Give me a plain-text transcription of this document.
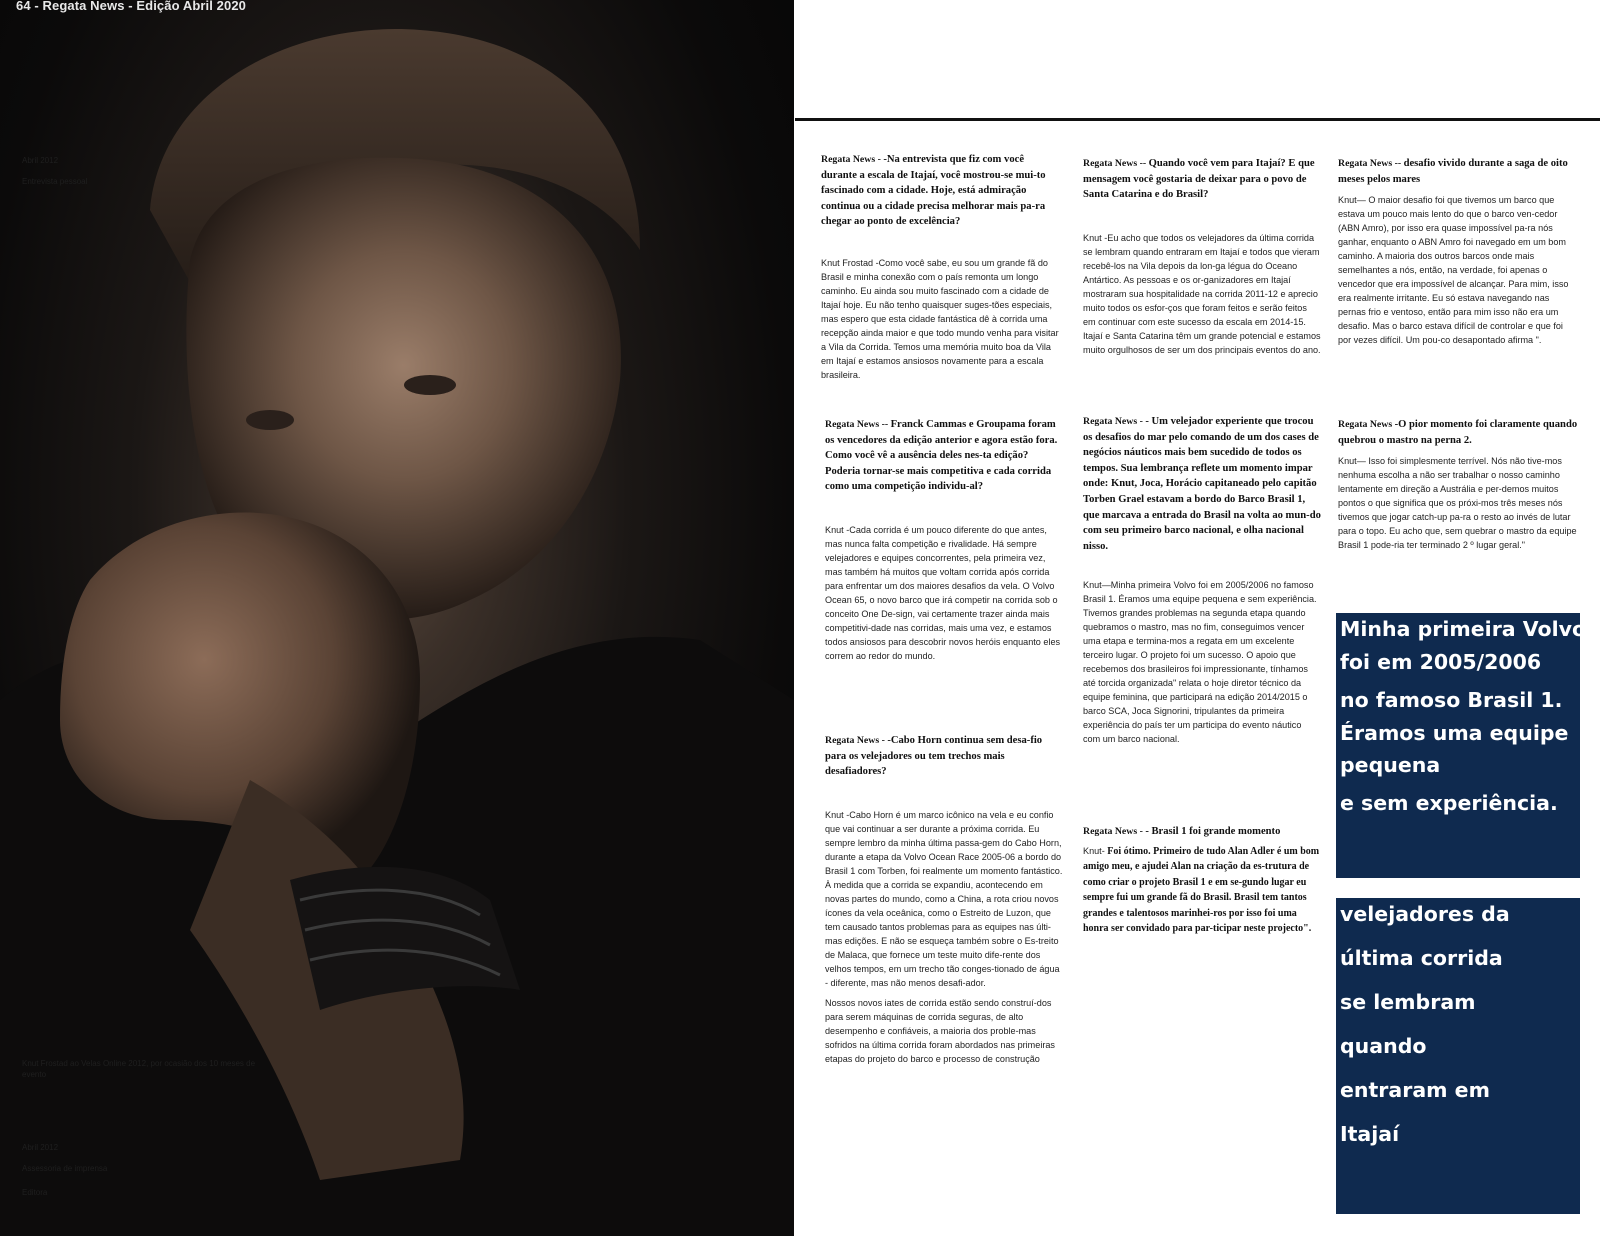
Abril 2012
Entrevista pessoal
Knut Frostad ao Velas Online 2012, por ocasião dos 10 meses de
evento
Abril 2012
Assessoria de imprensa
Editora
64 - Regata News - Edição Abril 2020

Regata News - -Na entrevista que fiz com você durante a escala de Itajaí, você mostrou-se mui-to fascinado com a cidade. Hoje, está admiração continua ou a cidade precisa melhorar mais pa-ra chegar ao ponto de excelência?

Knut Frostad -Como você sabe, eu sou um grande fã do Brasil e minha conexão com o país remonta um longo caminho. Eu ainda sou muito fascinado com a cidade de Itajaí hoje. Eu não tenho quaisquer suges-tões especiais, mas espero que esta cidade fantástica dê à corrida uma recepção ainda maior e que todo mundo venha para visitar a Vila da Corrida. Temos uma memória muito boa da Vila em Itajaí e estamos ansiosos novamente para a escala brasileira.

Regata News -- Franck Cammas e Groupama foram os vencedores da edição anterior e agora estão fora. Como você vê a ausência deles nes-ta edição? Poderia tornar-se mais competitiva e cada corrida como uma competição individu-al?

Knut -Cada corrida é um pouco diferente do que antes, mas nunca falta competição e rivalidade. Há sempre velejadores e equipes concorrentes, pela primeira vez, mas também há muitos que voltam corrida após corrida para enfrentar um dos maiores desafios da vela. O Volvo Ocean 65, o novo barco que irá competir na corrida sob o conceito One De-sign, vai certamente trazer ainda mais competitivi-dade nas corridas, mais uma vez, e estamos todos ansiosos para descobrir novos heróis enquanto eles correm ao redor do mundo.

Regata News - -Cabo Horn continua sem desa-fio para os velejadores ou tem trechos mais desafiadores?

Knut -Cabo Horn é um marco icônico na vela e eu confio que vai continuar a ser durante a próxima corrida. Eu sempre lembro da minha última passa-gem do Cabo Horn, durante a etapa da Volvo Ocean Race 2005-06 a bordo do Brasil 1 com Torben, foi realmente um momento fantástico. À medida que a corrida se expandiu, acontecendo em novas partes do mundo, como a China, a rota criou novos ícones da vela oceânica, como o Estreito de Luzon, que tem causado tantos problemas para as equipes nas últi-mas edições. E não se esqueça também sobre o Es-treito de Malaca, que fornece um teste muito dife-rente dos velhos tempos, em um trecho tão conges-tionado de água - diferente, mas não menos desafi-ador.

Nossos novos iates de corrida estão sendo construí-dos para serem máquinas de corrida seguras, de alto desempenho e confiáveis, a maioria dos proble-mas sofridos na última corrida foram abordados nas primeiras etapas do projeto do barco e processo de construção

Regata News -- Quando você vem para Itajaí? E que mensagem você gostaria de deixar para o povo de Santa Catarina e do Brasil?

Knut -Eu acho que todos os velejadores da última corrida se lembram quando entraram em Itajaí e todos que vieram recebê-los na Vila depois da lon-ga légua do Oceano Antártico. As pessoas e os or-ganizadores em Itajaí mostraram sua hospitalidade na corrida 2011-12 e aprecio muito todos os esfor-ços que foram feitos e serão feitos em continuar com este sucesso da escala em 2014-15. Itajaí e Santa Catarina têm um grande potencial e estamos muito orgulhosos de ser um dos principais eventos do ano.

Regata News - - Um velejador experiente que trocou os desafios do mar pelo comando de um dos cases de negócios náuticos mais bem sucedido de todos os tempos. Sua lembrança reflete um momento impar onde: Knut, Joca, Horácio capitaneado pelo capitão Torben Grael estavam a bordo do Barco Brasil 1, que marcava a entrada do Brasil na volta ao mun-do com seu primeiro barco nacional, e olha nacional nisso.

Knut—Minha primeira Volvo foi em 2005/2006 no famoso Brasil 1. Éramos uma equipe pequena e sem experiência. Tivemos grandes problemas na segunda etapa quando quebramos o mastro, mas no fim, conseguimos vencer uma etapa e termina-mos a regata em um excelente terceiro lugar. O projeto foi um sucesso. O apoio que recebemos dos brasileiros foi impressionante, tínhamos até torcida organizada" relata o hoje diretor técnico da equipe feminina, que participará na edição 2014/2015 o barco SCA, Joca Signorini, tripulantes da primeira experiência do país ter um participa do evento náutico com um barco nacional.

Regata News - - Brasil 1 foi grande momento

Knut- Foi ótimo. Primeiro de tudo Alan Adler é um bom amigo meu, e ajudei Alan na criação da es-trutura de como criar o projeto Brasil 1 e em se-gundo lugar eu sempre fui um grande fã do Brasil. Brasil tem tantos grandes e talentosos marinhei-ros por isso foi uma honra ser convidado para par-ticipar neste projecto".

Regata News -- desafio vivido durante a saga de oito meses pelos mares

Knut— O maior desafio foi que tivemos um barco que estava um pouco mais lento do que o barco ven-cedor (ABN Amro), por isso era quase impossível pa-ra nós ganhar, enquanto o ABN Amro foi navegado em um bom caminho. A maioria dos outros barcos onde mais semelhantes a nós, então, na verdade, foi apenas o vencedor que era impossível de alcançar. Para mim, isso era realmente irritante. Eu só estava navegando nas pernas frio e ventoso, então para mim isso não era um desafio. Mas o barco estava difícil de controlar e que foi por vezes difícil. Um pou-co desapontado afirma ".

Regata News -O pior momento foi claramente quando quebrou o mastro na perna 2.

Knut— Isso foi simplesmente terrível. Nós não tive-mos nenhuma escolha a não ser trabalhar o nosso caminho lentamente em direção a Austrália e per-demos muitos pontos o que significa que os próxi-mos três meses nós tivemos que jogar catch-up pa-ra o resto ao invés de lutar para o topo. Eu acho que, sem quebrar o mastro da equipe Brasil 1 pode-ria ter terminado 2 º lugar geral."

Minha primeira Volvo
foi em 2005/2006
no famoso Brasil 1.
Éramos uma equipe
pequena
e sem experiência.
velejadores da
última corrida
se lembram
quando
entraram em
Itajaí
